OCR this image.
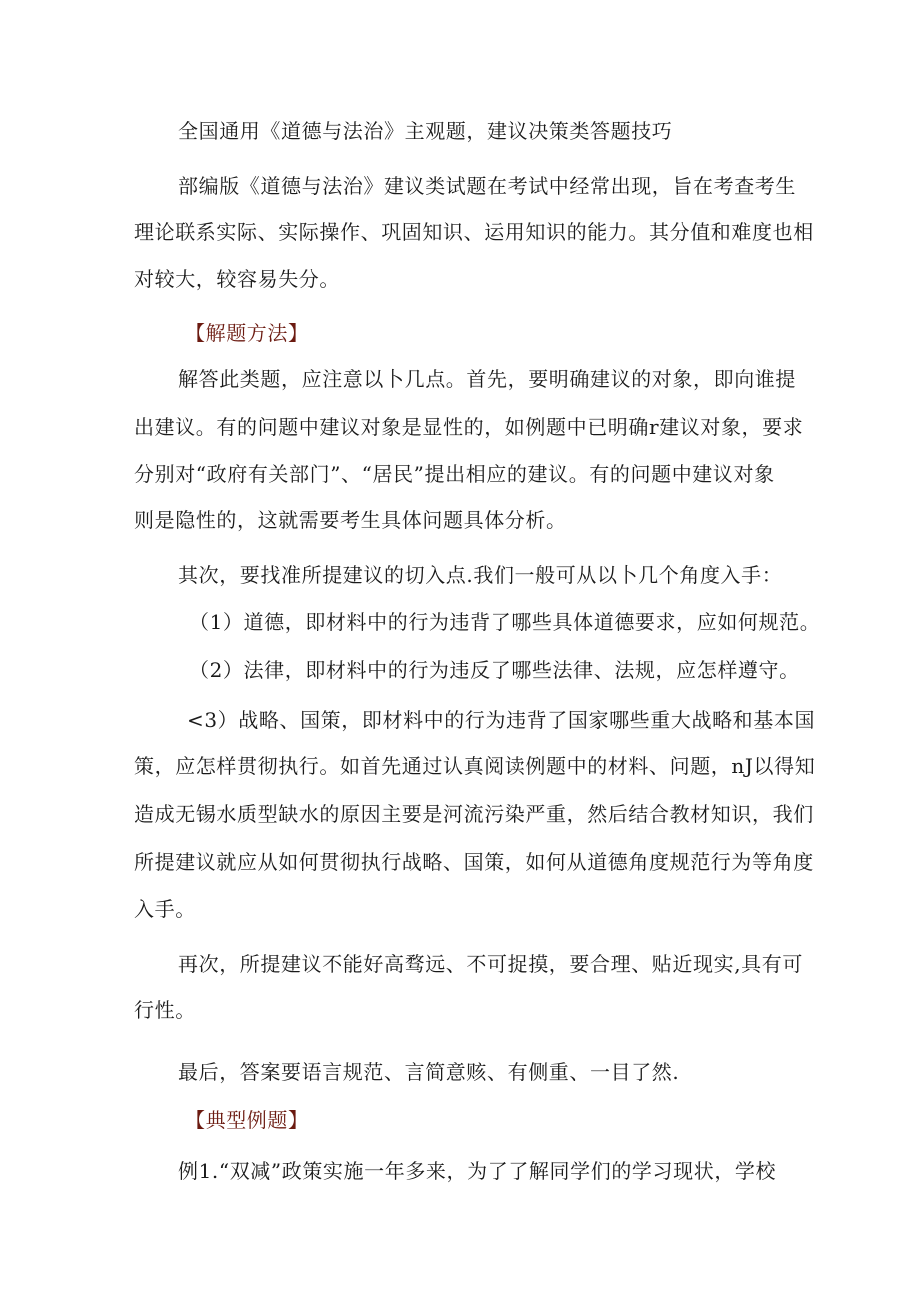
全国通用《道德与法治》主观题，建议决策类答题技巧
部编版《道德与法治》建议类试题在考试中经常出现，旨在考查考生
理论联系实际、实际操作、巩固知识、运用知识的能力。其分值和难度也相
对较大，较容易失分。
【解题方法】
解答此类题，应注意以卜几点。首先，要明确建议的对象，即向谁提
出建议。有的问题中建议对象是显性的，如例题中已明确r建议对象，要求
分别对“政府有关部门”、“居民”提出相应的建议。有的问题中建议对象
则是隐性的，这就需要考生具体问题具体分析。
其次，要找准所提建议的切入点.我们一般可从以卜几个角度入手：
（1）道德，即材料中的行为违背了哪些具体道德要求，应如何规范。
（2）法律，即材料中的行为违反了哪些法律、法规，应怎样遵守。
<3）战略、国策，即材料中的行为违背了国家哪些重大战略和基本国
策，应怎样贯彻执行。如首先通过认真阅读例题中的材料、问题，nJ以得知
造成无锡水质型缺水的原因主要是河流污染严重，然后结合教材知识，我们
所提建议就应从如何贯彻执行战略、国策，如何从道德角度规范行为等角度
入手。
再次，所提建议不能好高骛远、不可捉摸，要合理、贴近现实,具有可
行性。
最后，答案要语言规范、言简意赅、有侧重、一目了然.
【典型例题】
例1.“双减”政策实施一年多来，为了了解同学们的学习现状，学校
